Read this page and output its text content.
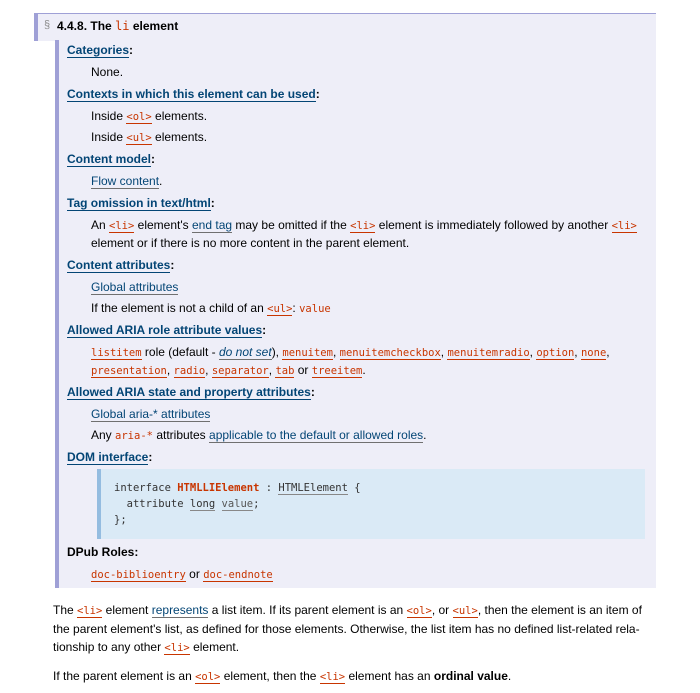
§ 4.4.8. The li element
Categories:
None.
Contexts in which this element can be used:
Inside <ol> elements.
Inside <ul> elements.
Content model:
Flow content.
Tag omission in text/html:
An <li> element's end tag may be omitted if the <li> element is immediately followed by another <li>
element or if there is no more content in the parent element.
Content attributes:
Global attributes
If the element is not a child of an <ul>: value
Allowed ARIA role attribute values:
listitem role (default - do not set), menuitem, menuitemcheckbox, menuitemradio, option, none,
presentation, radio, separator, tab or treeitem.
Allowed ARIA state and property attributes:
Global aria-* attributes
Any aria-* attributes applicable to the default or allowed roles.
DOM interface:
interface HTMLLIElement : HTMLElement {
attribute long value;
};
DPub Roles:
doc-biblioentry or doc-endnote
The <li> element represents a list item. If its parent element is an <ol>, or <ul>, then the element is an item of
the parent element's list, as defined for those elements. Otherwise, the list item has no defined list-related rela-
tionship to any other <li> element.
If the parent element is an <ol> element, then the <li> element has an ordinal value.
